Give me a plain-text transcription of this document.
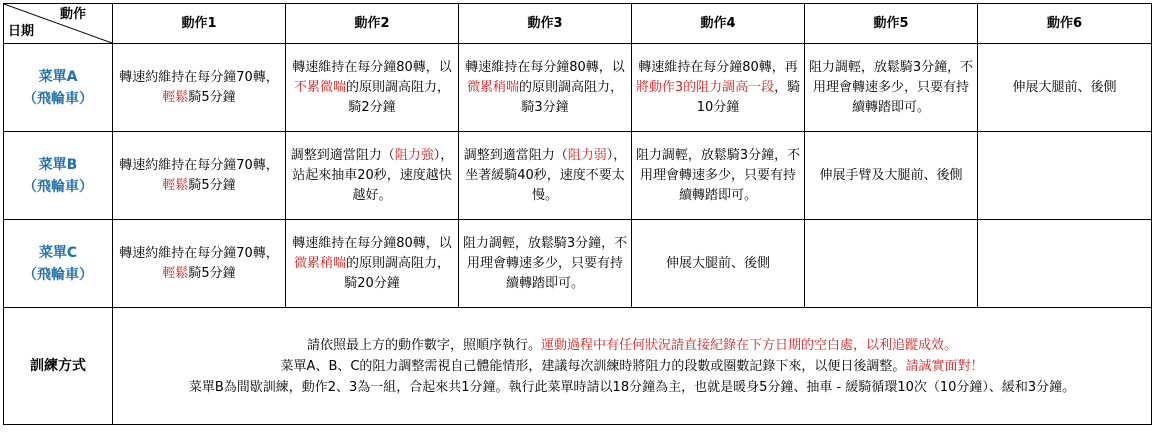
動作
日期	動作1	動作2	動作3	動作4	動作5	動作6

菜單A
（飛輪車）	轉速約維持在每分鐘70轉，輕鬆騎5分鐘	轉速維持在每分鐘80轉，以不累微喘的原則調高阻力，騎2分鐘	轉速維持在每分鐘80轉，以微累稍喘的原則調高阻力，騎3分鐘	轉速維持在每分鐘80轉，再將動作3的阻力調高一段，騎10分鐘	阻力調輕，放鬆騎3分鐘，不用理會轉速多少，只要有持續轉踏即可。	伸展大腿前、後側

菜單B
（飛輪車）	轉速約維持在每分鐘70轉，輕鬆騎5分鐘	調整到適當阻力（阻力強），站起來抽車20秒，速度越快越好。	調整到適當阻力（阻力弱），坐著緩騎40秒，速度不要太慢。	阻力調輕，放鬆騎3分鐘，不用理會轉速多少，只要有持續轉踏即可。	伸展手臂及大腿前、後側	

菜單C
（飛輪車）	轉速約維持在每分鐘70轉，輕鬆騎5分鐘	轉速維持在每分鐘80轉，以微累稍喘的原則調高阻力，騎20分鐘	阻力調輕，放鬆騎3分鐘，不用理會轉速多少，只要有持續轉踏即可。	伸展大腿前、後側		
訓練方式	請依照最上方的動作數字，照順序執行。運動過程中有任何狀況請直接紀錄在下方日期的空白處，以利追蹤成效。

菜單A、B、C的阻力調整需視自己體能情形，建議每次訓練時將阻力的段數或圈數記錄下來，以便日後調整。請誠實面對！

菜單B為間歇訓練，動作2、3為一組，合起來共1分鐘。執行此菜單時請以18分鐘為主，也就是暖身5分鐘、抽車 - 緩騎循環10次（10分鐘）、緩和3分鐘。					
